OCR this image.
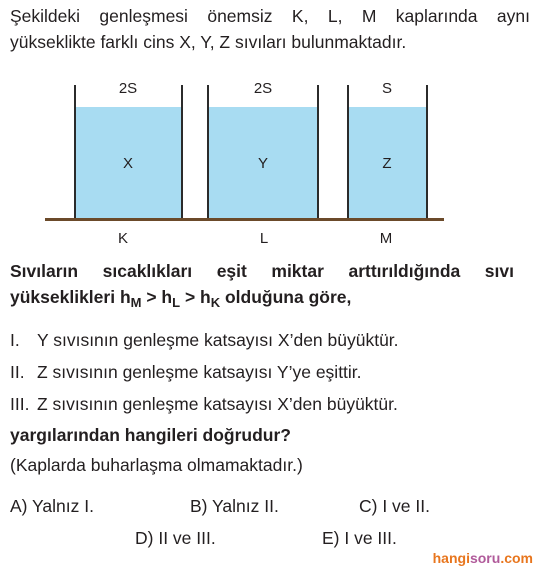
Şekildeki genleşmesi önemsiz K, L, M kaplarında aynı
yükseklikte farklı cins X, Y, Z sıvıları bulunmaktadır.
2S	2S	S
X	Y	Z
K	L	M
Sıvıların sıcaklıkları eşit miktar arttırıldığında sıvı
yükseklikleri $h_M > h_L > h_K$ olduğuna göre,
I. Y sıvısının genleşme katsayısı X’den büyüktür.
II. Z sıvısının genleşme katsayısı Y’ye eşittir.
III. Z sıvısının genleşme katsayısı X’den büyüktür.
yargılarından hangileri doğrudur?
(Kaplarda buharlaşma olmamaktadır.)
A) Yalnız I.	B) Yalnız II.	C) I ve II.
D) II ve III.	E) I ve III.
hangisoru.com
